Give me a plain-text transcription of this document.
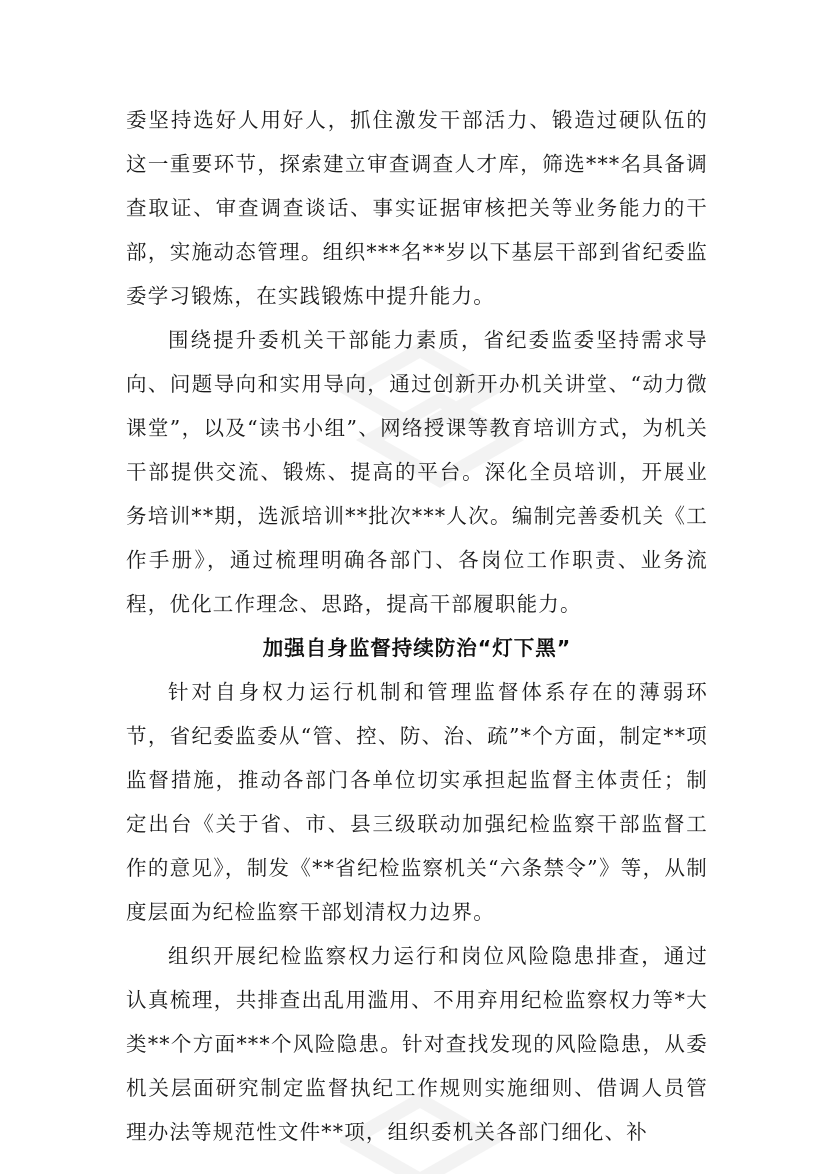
委坚持选好人用好人，抓住激发干部活力、锻造过硬队伍的这一重要环节，探索建立审查调查人才库，筛选***名具备调查取证、审查调查谈话、事实证据审核把关等业务能力的干部，实施动态管理。组织***名**岁以下基层干部到省纪委监委学习锻炼，在实践锻炼中提升能力。

围绕提升委机关干部能力素质，省纪委监委坚持需求导向、问题导向和实用导向，通过创新开办机关讲堂、“动力微课堂”，以及“读书小组”、网络授课等教育培训方式，为机关干部提供交流、锻炼、提高的平台。深化全员培训，开展业务培训**期，选派培训**批次***人次。编制完善委机关《工作手册》，通过梳理明确各部门、各岗位工作职责、业务流程，优化工作理念、思路，提高干部履职能力。

加强自身监督持续防治“灯下黑”

针对自身权力运行机制和管理监督体系存在的薄弱环节，省纪委监委从“管、控、防、治、疏”*个方面，制定**项监督措施，推动各部门各单位切实承担起监督主体责任；制定出台《关于省、市、县三级联动加强纪检监察干部监督工作的意见》，制发《**省纪检监察机关“六条禁令”》等，从制度层面为纪检监察干部划清权力边界。

组织开展纪检监察权力运行和岗位风险隐患排查，通过认真梳理，共排查出乱用滥用、不用弃用纪检监察权力等*大类**个方面***个风险隐患。针对查找发现的风险隐患，从委机关层面研究制定监督执纪工作规则实施细则、借调人员管理办法等规范性文件**项，组织委机关各部门细化、补
